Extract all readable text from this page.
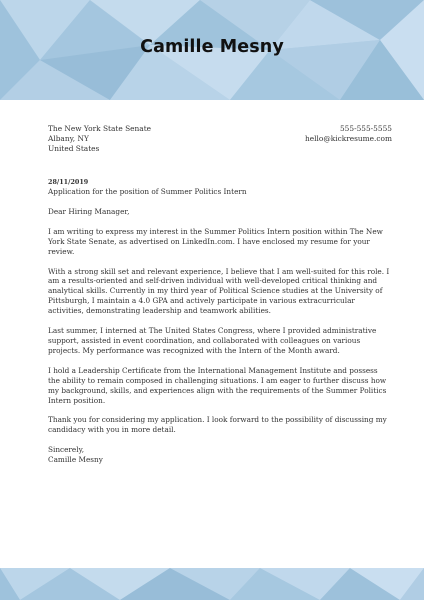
Camille Mesny
The New York State Senate
Albany, NY
United States
555-555-5555
hello@kickresume.com
28/11/2019

Application for the position of Summer Politics Intern

Dear Hiring Manager,

I am writing to express my interest in the Summer Politics Intern position within The New York State Senate, as advertised on LinkedIn.com. I have enclosed my resume for your review.

With a strong skill set and relevant experience, I believe that I am well-suited for this role. I am a results-oriented and self-driven individual with well-developed critical thinking and analytical skills. Currently in my third year of Political Science studies at the University of Pittsburgh, I maintain a 4.0 GPA and actively participate in various extracurricular activities, demonstrating leadership and teamwork abilities.

Last summer, I interned at The United States Congress, where I provided administrative support, assisted in event coordination, and collaborated with colleagues on various projects. My performance was recognized with the Intern of the Month award.

I hold a Leadership Certificate from the International Management Institute and possess the ability to remain composed in challenging situations. I am eager to further discuss how my background, skills, and experiences align with the requirements of the Summer Politics Intern position.

Thank you for considering my application. I look forward to the possibility of discussing my candidacy with you in more detail.

Sincerely,

Camille Mesny
